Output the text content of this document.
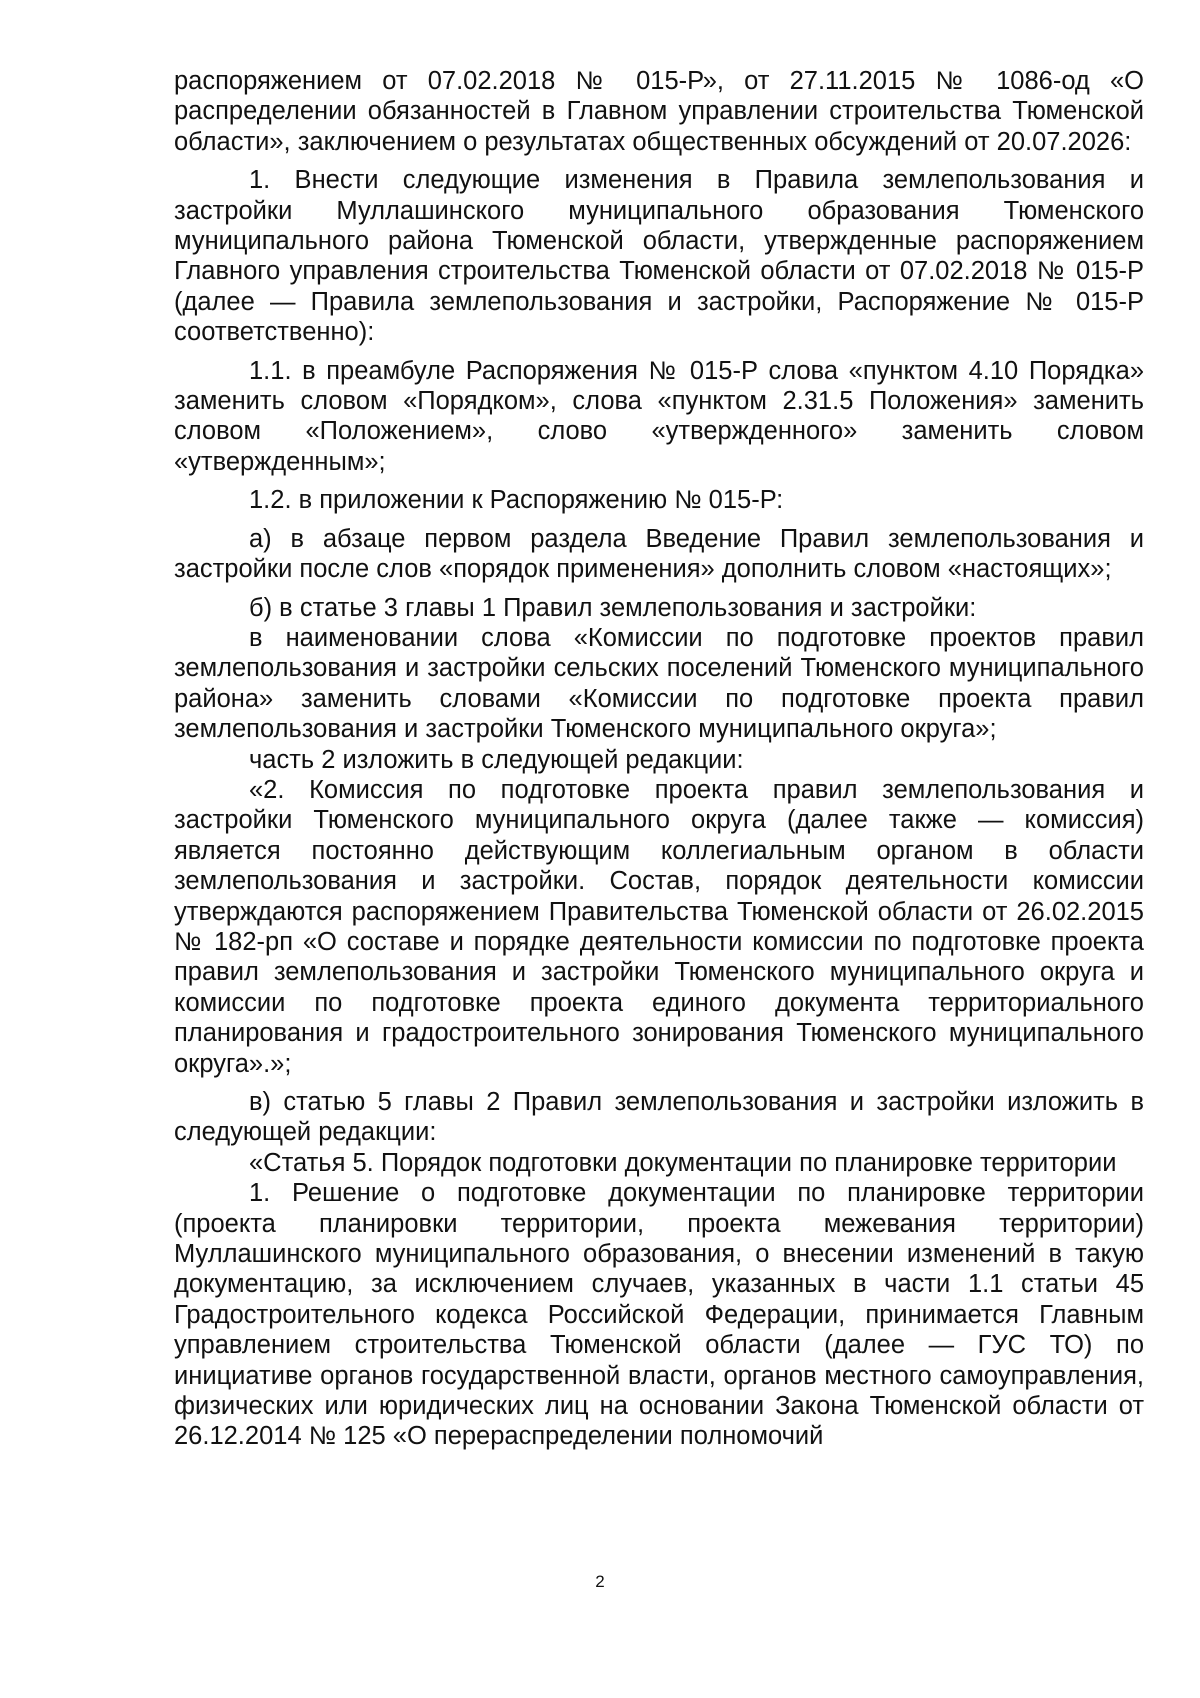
распоряжением от 07.02.2018 № 015-Р», от 27.11.2015 № 1086-од «О распределении обязанностей в Главном управлении строительства Тюменской области», заключением о результатах общественных обсуждений от 20.07.2026:

1. Внести следующие изменения в Правила землепользования и застройки Муллашинского муниципального образования Тюменского муниципального района Тюменской области, утвержденные распоряжением Главного управления строительства Тюменской области от 07.02.2018 № 015-Р (далее — Правила землепользования и застройки, Распоряжение № 015-Р соответственно):

1.1. в преамбуле Распоряжения № 015-Р слова «пунктом 4.10 Порядка» заменить словом «Порядком», слова «пунктом 2.31.5 Положения» заменить словом «Положением», слово «утвержденного» заменить словом «утвержденным»;

1.2. в приложении к Распоряжению № 015-Р:

а) в абзаце первом раздела Введение Правил землепользования и застройки после слов «порядок применения» дополнить словом «настоящих»;

б) в статье 3 главы 1 Правил землепользования и застройки:

в наименовании слова «Комиссии по подготовке проектов правил землепользования и застройки сельских поселений Тюменского муниципального района» заменить словами «Комиссии по подготовке проекта правил землепользования и застройки Тюменского муниципального округа»;

часть 2 изложить в следующей редакции:

«2. Комиссия по подготовке проекта правил землепользования и застройки Тюменского муниципального округа (далее также — комиссия) является постоянно действующим коллегиальным органом в области землепользования и застройки. Состав, порядок деятельности комиссии утверждаются распоряжением Правительства Тюменской области от 26.02.2015 № 182-рп «О составе и порядке деятельности комиссии по подготовке проекта правил землепользования и застройки Тюменского муниципального округа и комиссии по подготовке проекта единого документа территориального планирования и градостроительного зонирования Тюменского муниципального округа».»;

в) статью 5 главы 2 Правил землепользования и застройки изложить в следующей редакции:

«Статья 5. Порядок подготовки документации по планировке территории

1. Решение о подготовке документации по планировке территории (проекта планировки территории, проекта межевания территории) Муллашинского муниципального образования, о внесении изменений в такую документацию, за исключением случаев, указанных в части 1.1 статьи 45 Градостроительного кодекса Российской Федерации, принимается Главным управлением строительства Тюменской области (далее — ГУС ТО) по инициативе органов государственной власти, органов местного самоуправления, физических или юридических лиц на основании Закона Тюменской области от 26.12.2014 № 125 «О перераспределении полномочий

2
